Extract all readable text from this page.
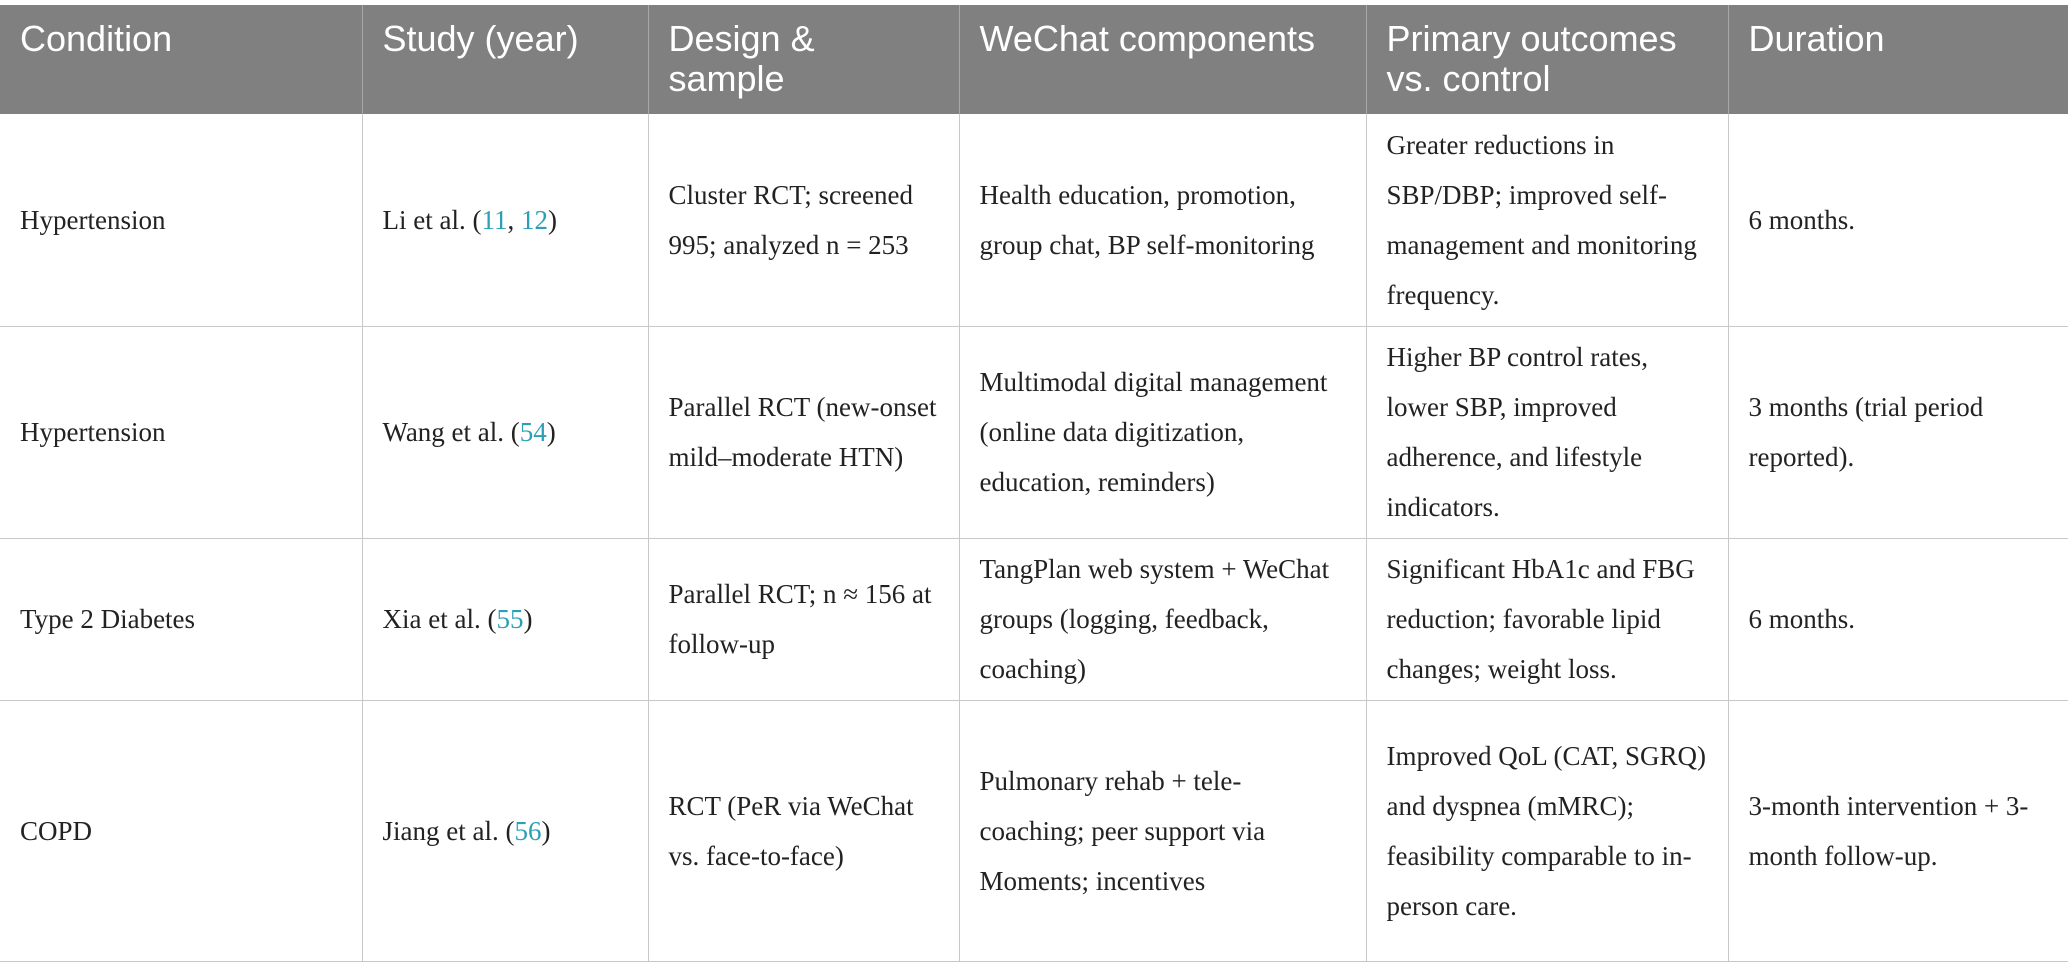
Condition	Study (year)	Design & sample	WeChat components	Primary outcomes vs. control	Duration
Hypertension	Li et al. (11, 12)	Cluster RCT; screened 995; analyzed n = 253	Health education, promotion, group chat, BP self-monitoring	Greater reductions in SBP/DBP; improved self-management and monitoring frequency.	6 months.
Hypertension	Wang et al. (54)	Parallel RCT (new-onset mild–moderate HTN)	Multimodal digital management (online data digitization, education, reminders)	Higher BP control rates, lower SBP, improved adherence, and lifestyle indicators.	3 months (trial period reported).
Type 2 Diabetes	Xia et al. (55)	Parallel RCT; n ≈ 156 at follow-up	TangPlan web system + WeChat groups (logging, feedback, coaching)	Significant HbA1c and FBG reduction; favorable lipid changes; weight loss.	6 months.
COPD	Jiang et al. (56)	RCT (PeR via WeChat vs. face-to-face)	Pulmonary rehab + tele-coaching; peer support via Moments; incentives	Improved QoL (CAT, SGRQ) and dyspnea (mMRC); feasibility comparable to in-person care.	3-month intervention + 3-month follow-up.
